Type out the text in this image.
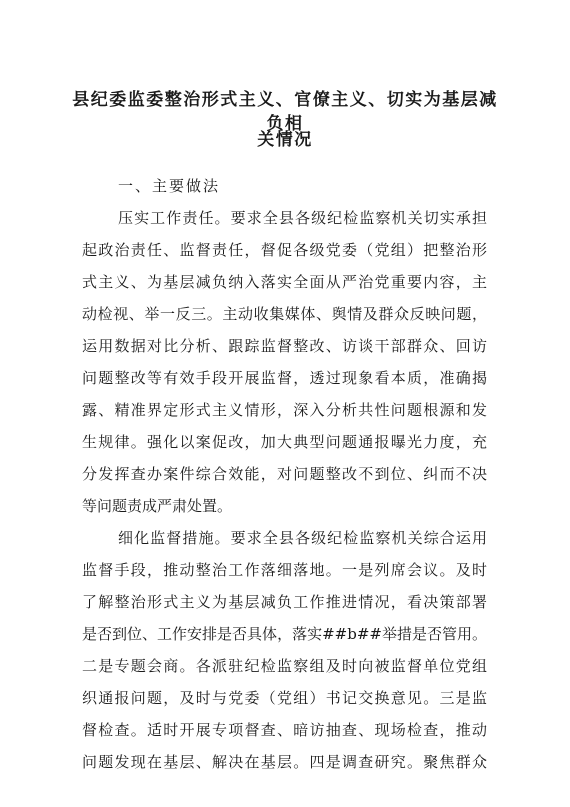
县纪委监委整治形式主义、官僚主义、切实为基层减负相
关情况
一、主要做法
压实工作责任。要求全县各级纪检监察机关切实承担
起政治责任、监督责任，督促各级党委（党组）把整治形
式主义、为基层减负纳入落实全面从严治党重要内容，主
动检视、举一反三。主动收集媒体、舆情及群众反映问题，
运用数据对比分析、跟踪监督整改、访谈干部群众、回访
问题整改等有效手段开展监督，透过现象看本质，准确揭
露、精准界定形式主义情形，深入分析共性问题根源和发
生规律。强化以案促改，加大典型问题通报曝光力度，充
分发挥查办案件综合效能，对问题整改不到位、纠而不决
等问题责成严肃处置。
细化监督措施。要求全县各级纪检监察机关综合运用
监督手段，推动整治工作落细落地。一是列席会议。及时
了解整治形式主义为基层减负工作推进情况，看决策部署
是否到位、工作安排是否具体，落实##b##举措是否管用。
二是专题会商。各派驻纪检监察组及时向被监督单位党组
织通报问题，及时与党委（党组）书记交换意见。三是监
督检查。适时开展专项督查、暗访抽查、现场检查，推动
问题发现在基层、解决在基层。四是调查研究。聚焦群众
